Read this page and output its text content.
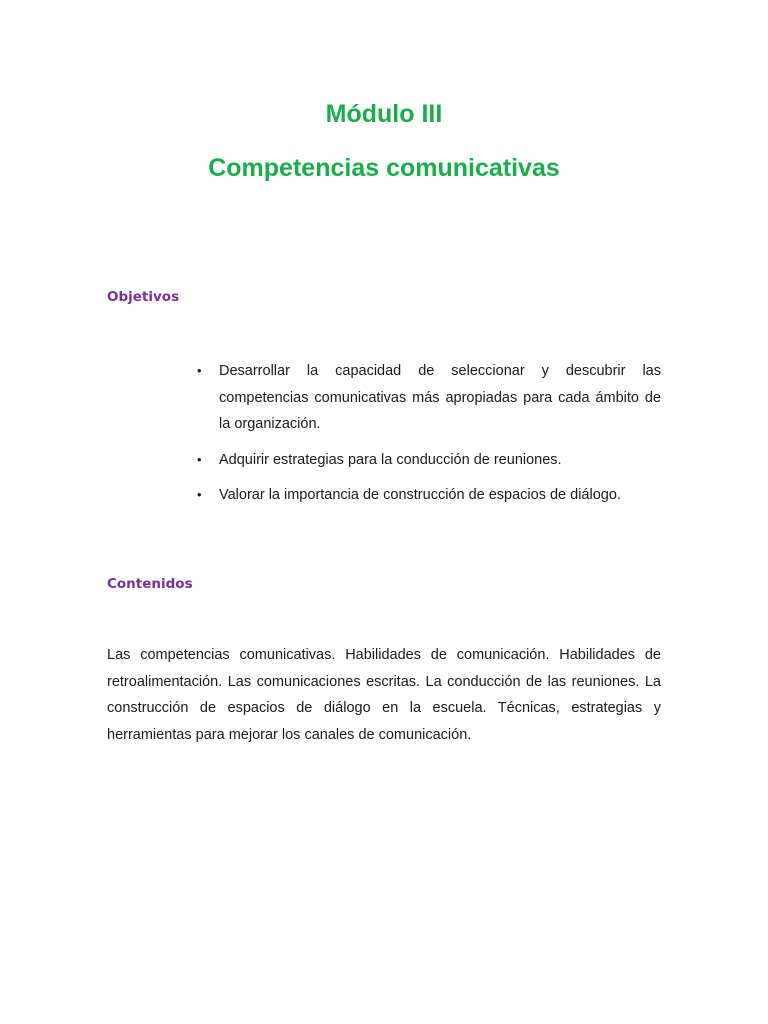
Módulo III
Competencias comunicativas
Objetivos
• Desarrollar la capacidad de seleccionar y descubrir las competencias comunicativas más apropiadas para cada ámbito de la organización.
• Adquirir estrategias para la conducción de reuniones.
• Valorar la importancia de construcción de espacios de diálogo.
Contenidos

Las competencias comunicativas. Habilidades de comunicación. Habilidades de retroalimentación. Las comunicaciones escritas. La conducción de las reuniones. La construcción de espacios de diálogo en la escuela. Técnicas, estrategias y herramientas para mejorar los canales de comunicación.
